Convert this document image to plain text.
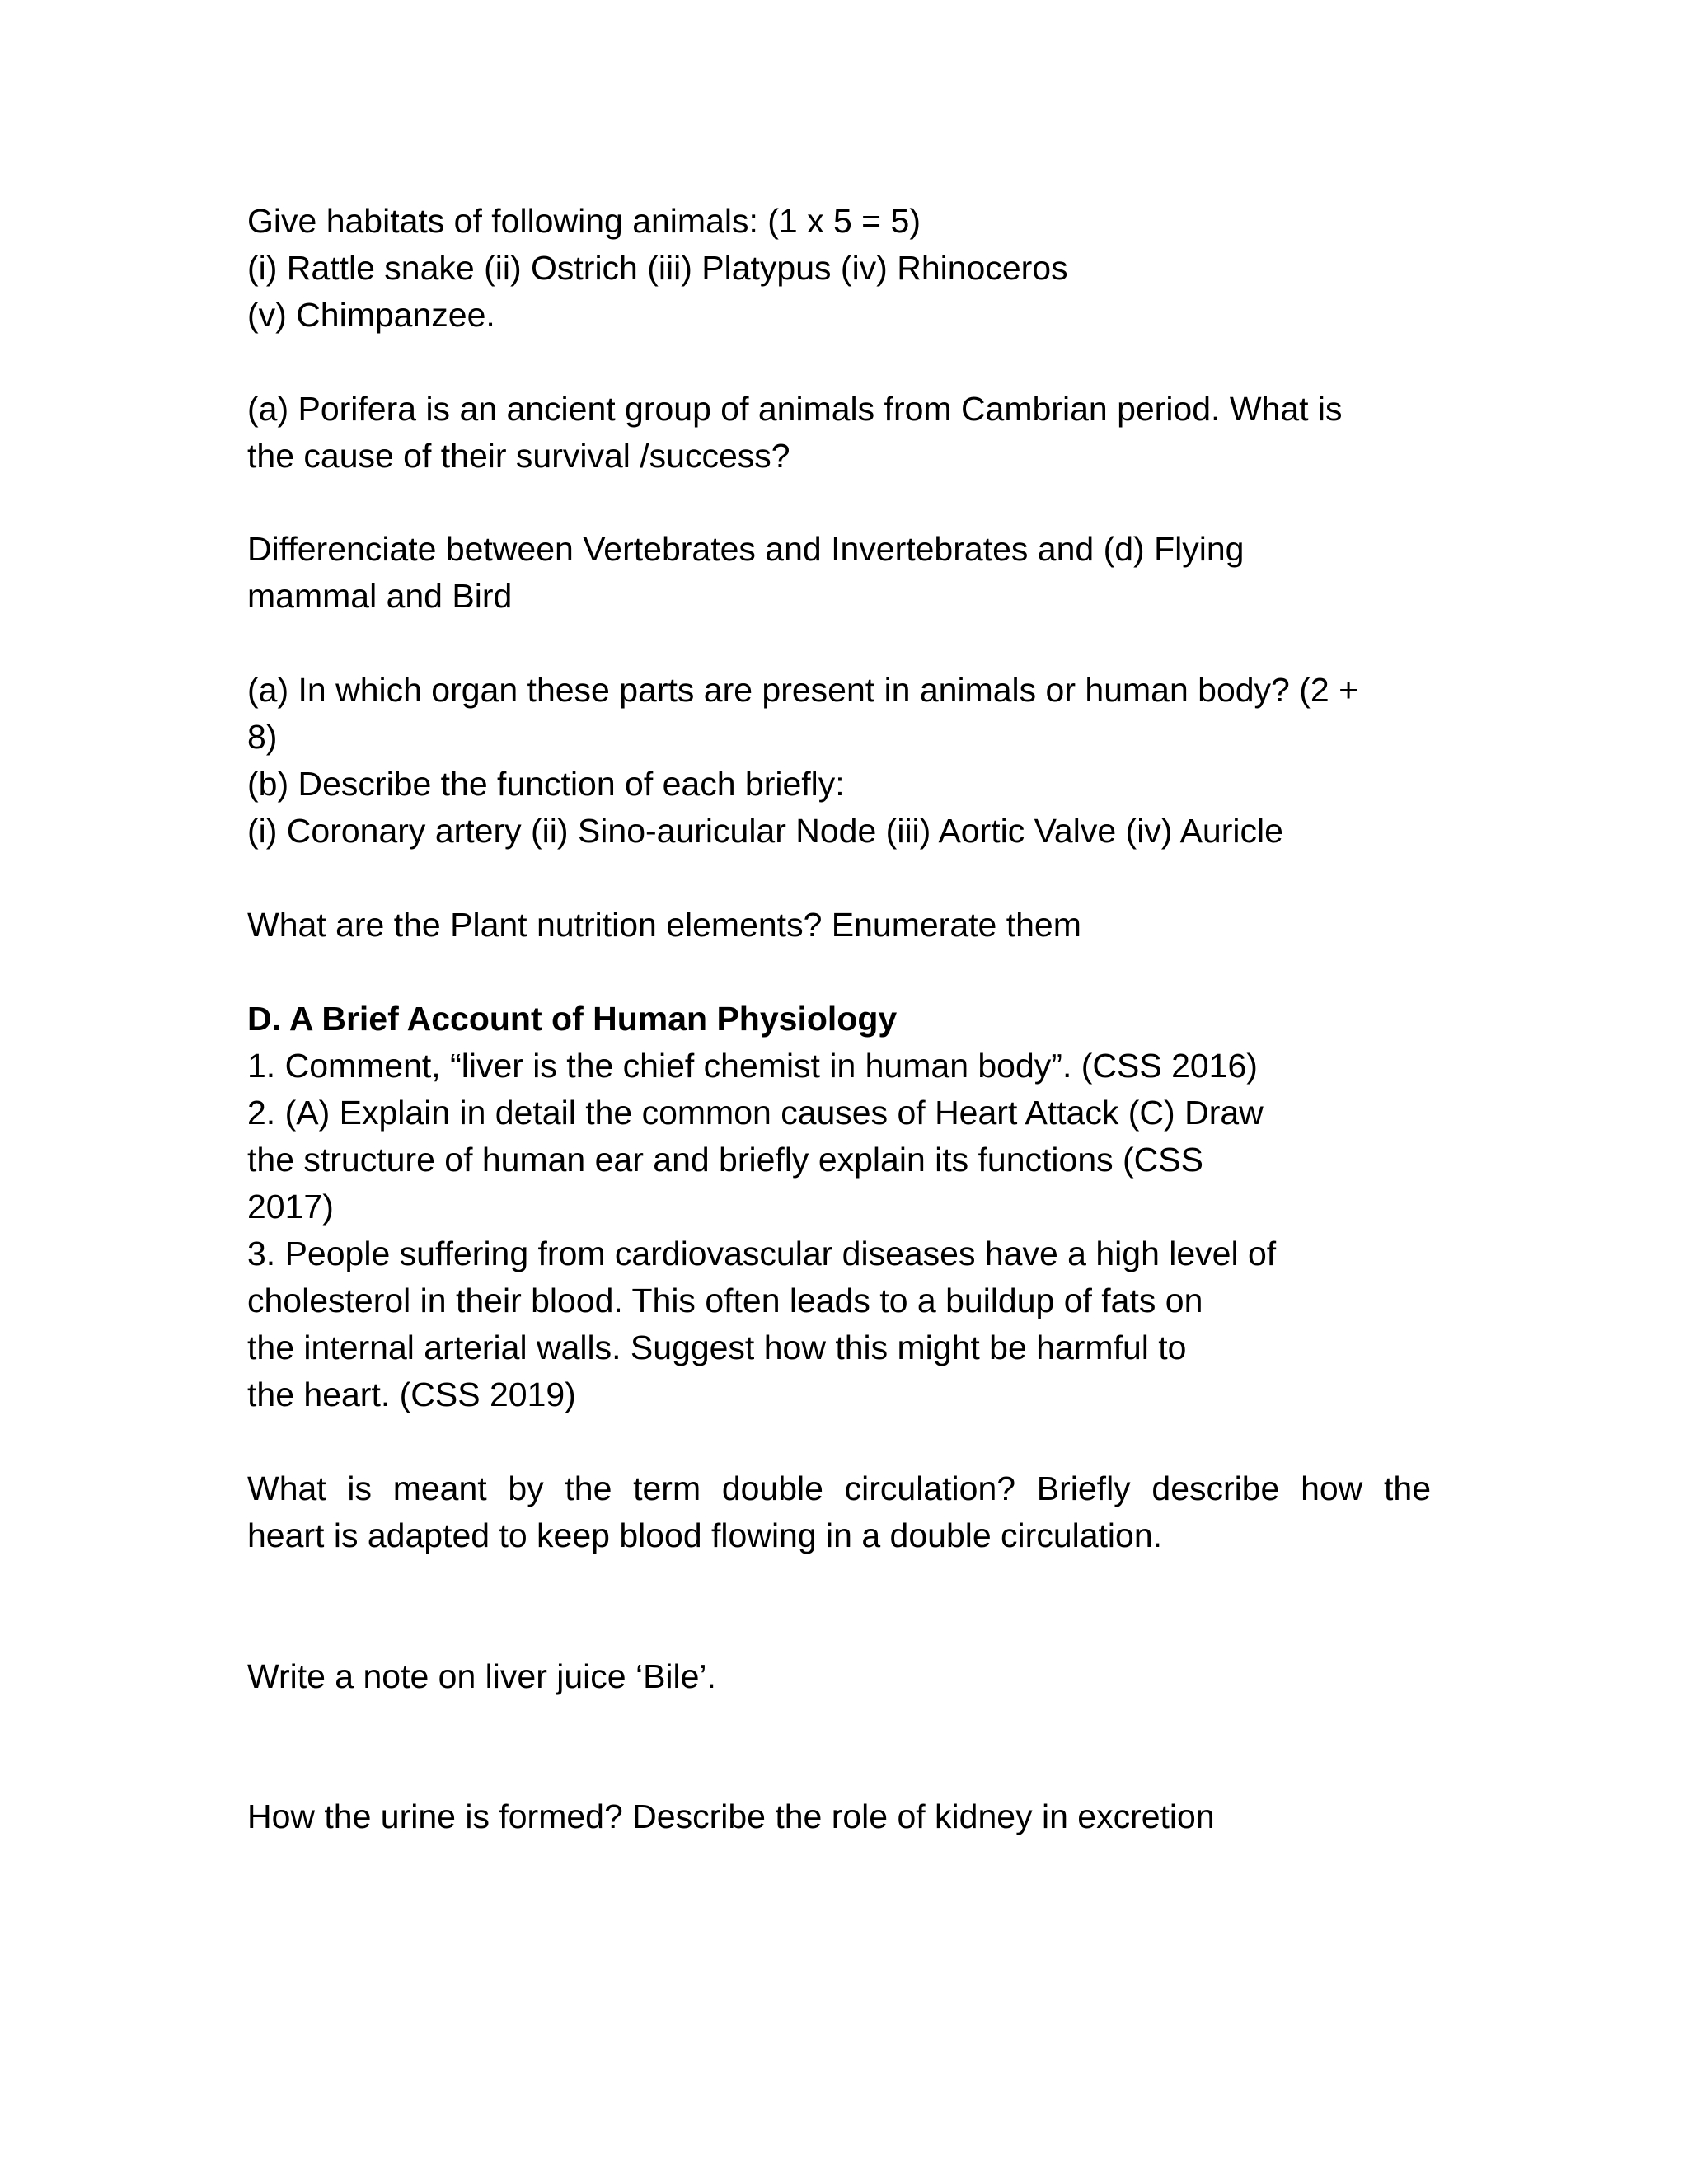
Give habitats of following animals: (1 x 5 = 5)

(i) Rattle snake (ii) Ostrich (iii) Platypus (iv) Rhinoceros

(v) Chimpanzee.

(a) Porifera is an ancient group of animals from Cambrian period. What is

the cause of their survival /success?

Differenciate between Vertebrates and Invertebrates and (d) Flying

mammal and Bird

(a) In which organ these parts are present in animals or human body? (2 +

8)

(b) Describe the function of each briefly:

(i) Coronary artery (ii) Sino-auricular Node (iii) Aortic Valve (iv) Auricle

What are the Plant nutrition elements? Enumerate them

D. A Brief Account of Human Physiology

1. Comment, “liver is the chief chemist in human body”. (CSS 2016)

2. (A) Explain in detail the common causes of Heart Attack (C) Draw

the structure of human ear and briefly explain its functions (CSS

2017)

3. People suffering from cardiovascular diseases have a high level of

cholesterol in their blood. This often leads to a buildup of fats on

the internal arterial walls. Suggest how this might be harmful to

the heart. (CSS 2019)

What is meant by the term double circulation? Briefly describe how the

heart is adapted to keep blood flowing in a double circulation.

Write a note on liver juice ‘Bile’.

How the urine is formed? Describe the role of kidney in excretion
